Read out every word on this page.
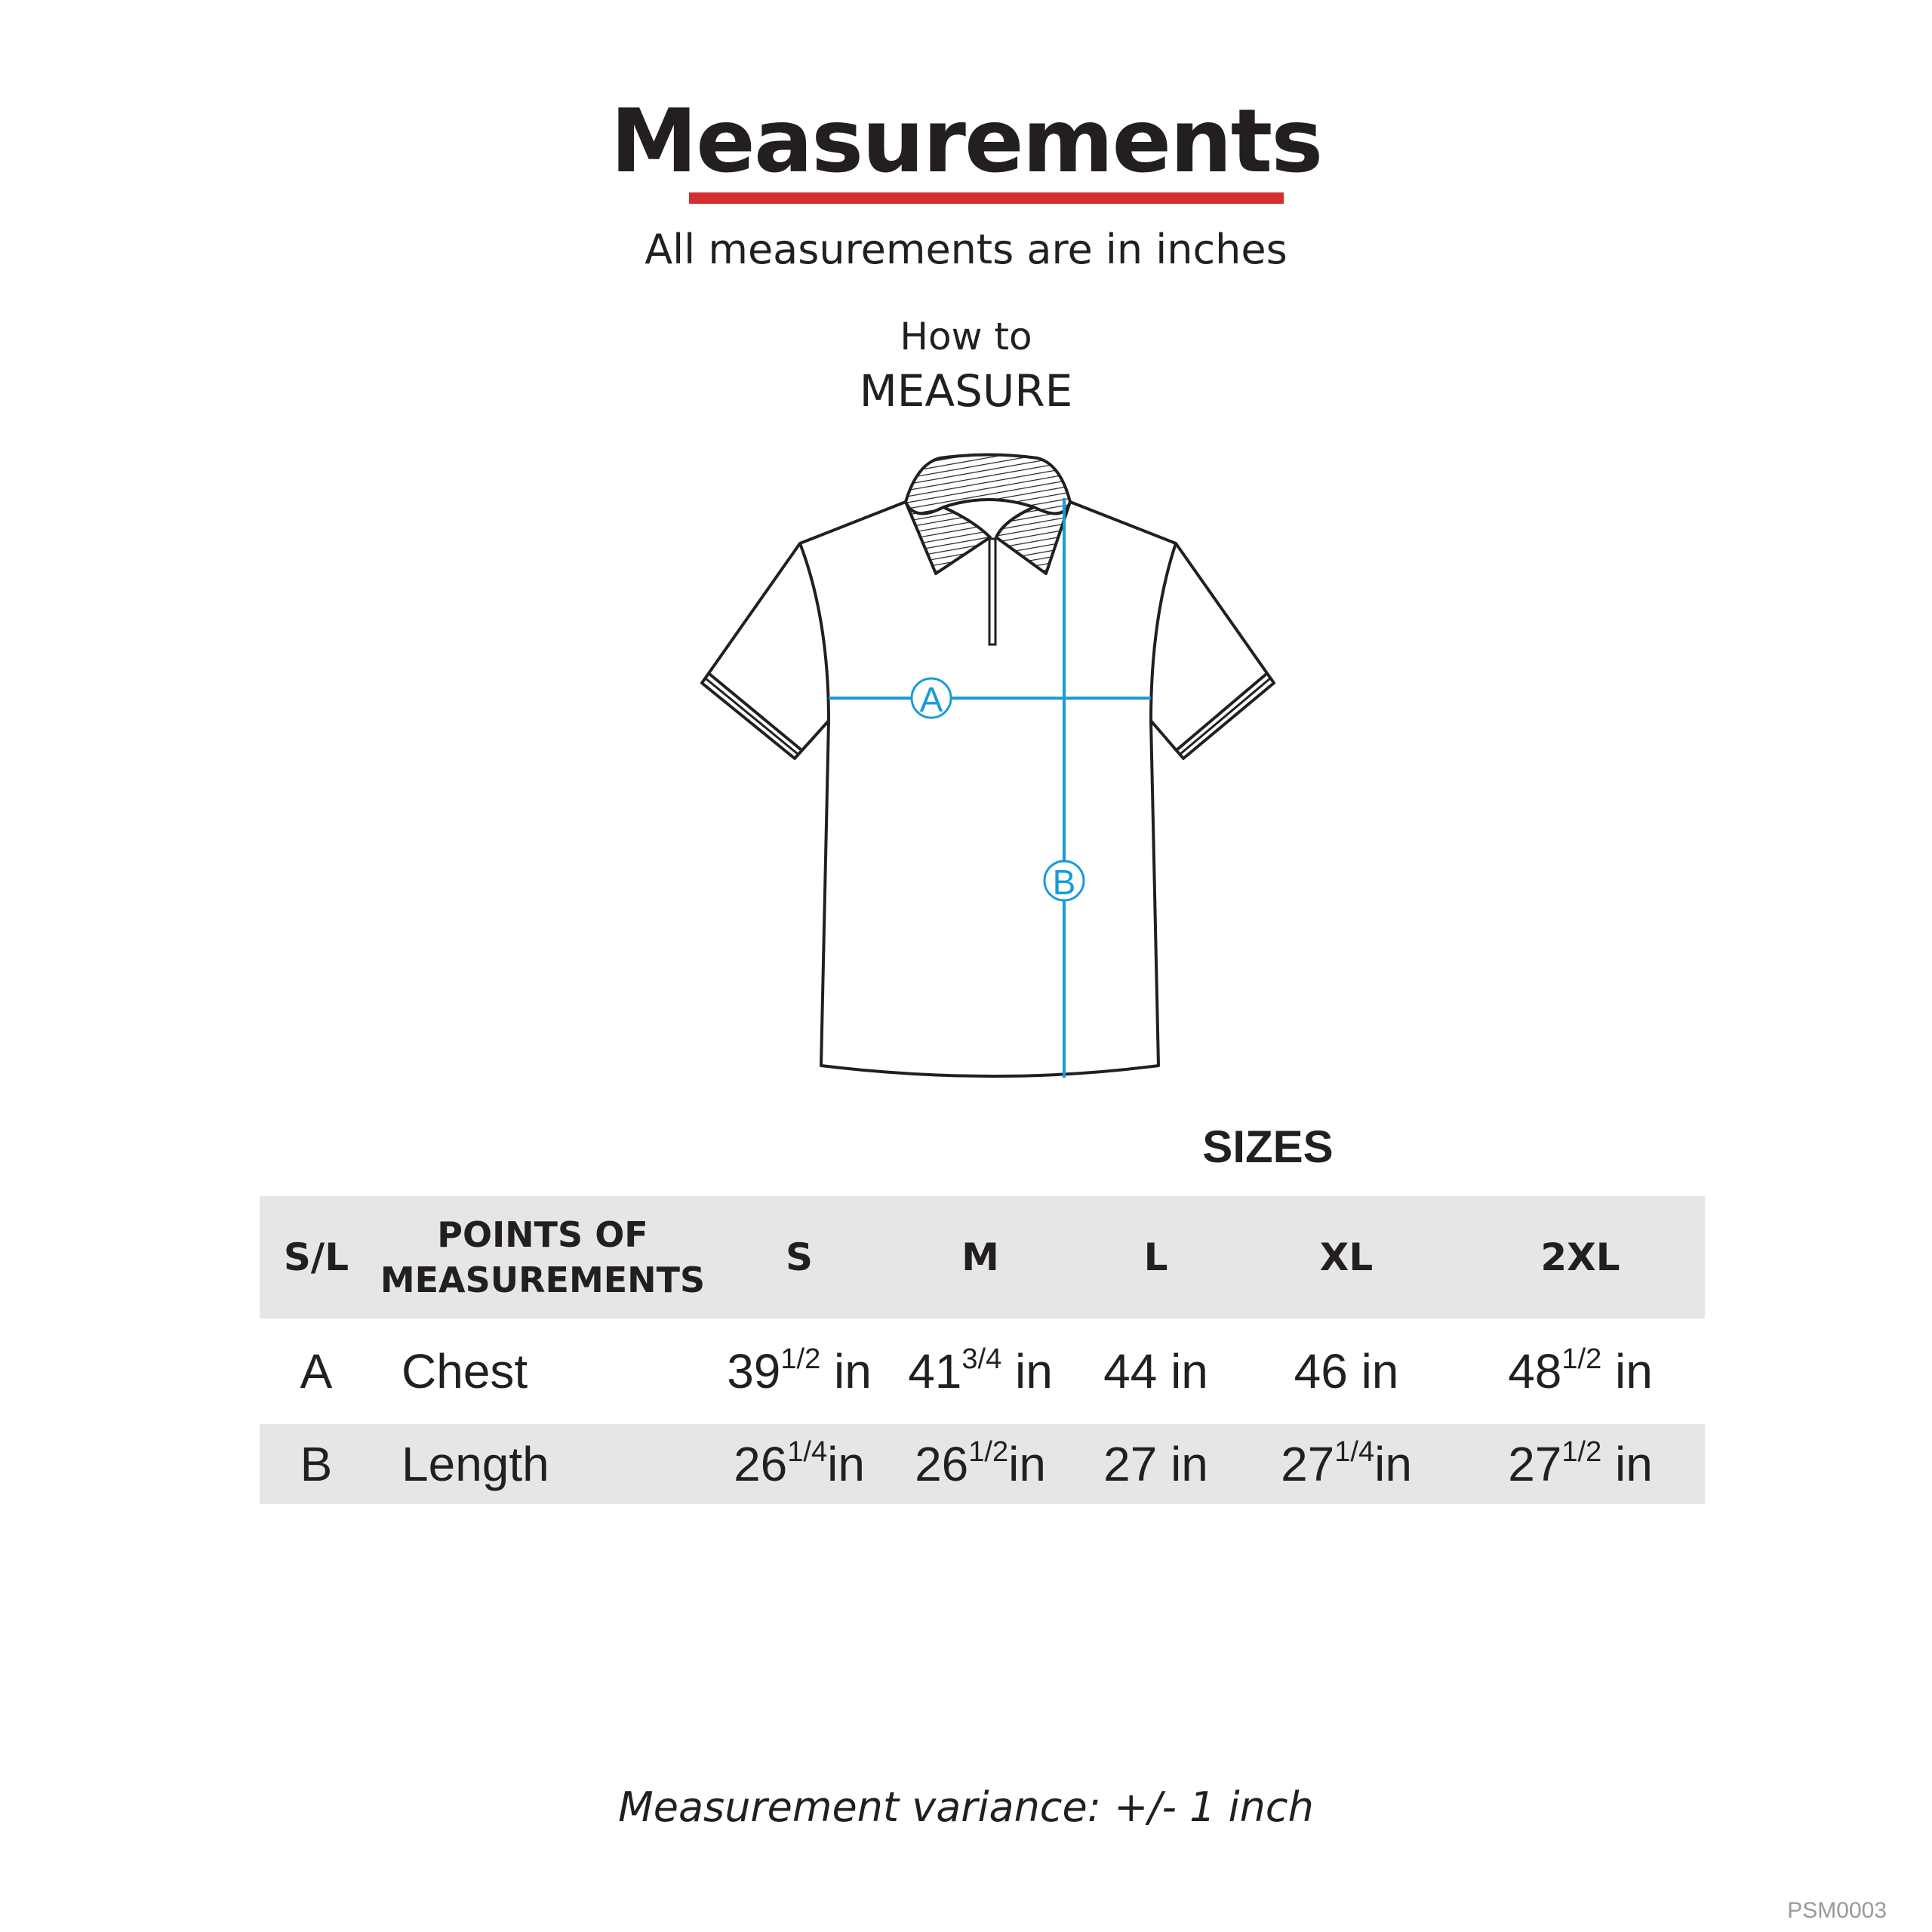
Measurements
All measurements are in inches
How to
MEASURE
A
B
SIZES
S/L	POINTS OF
MEASUREMENTS	S	M	L	XL	2XL
A	Chest	$39^{1/2}$ in	$41^{3/4}$ in	44 in	46 in	$48^{1/2}$ in
B	Length	$26^{1/4}in$	$26^{1/2}in$	27 in	$27^{1/4}in$	$27^{1/2}$ in
Measurement variance: +/- 1 inch
PSM0003
